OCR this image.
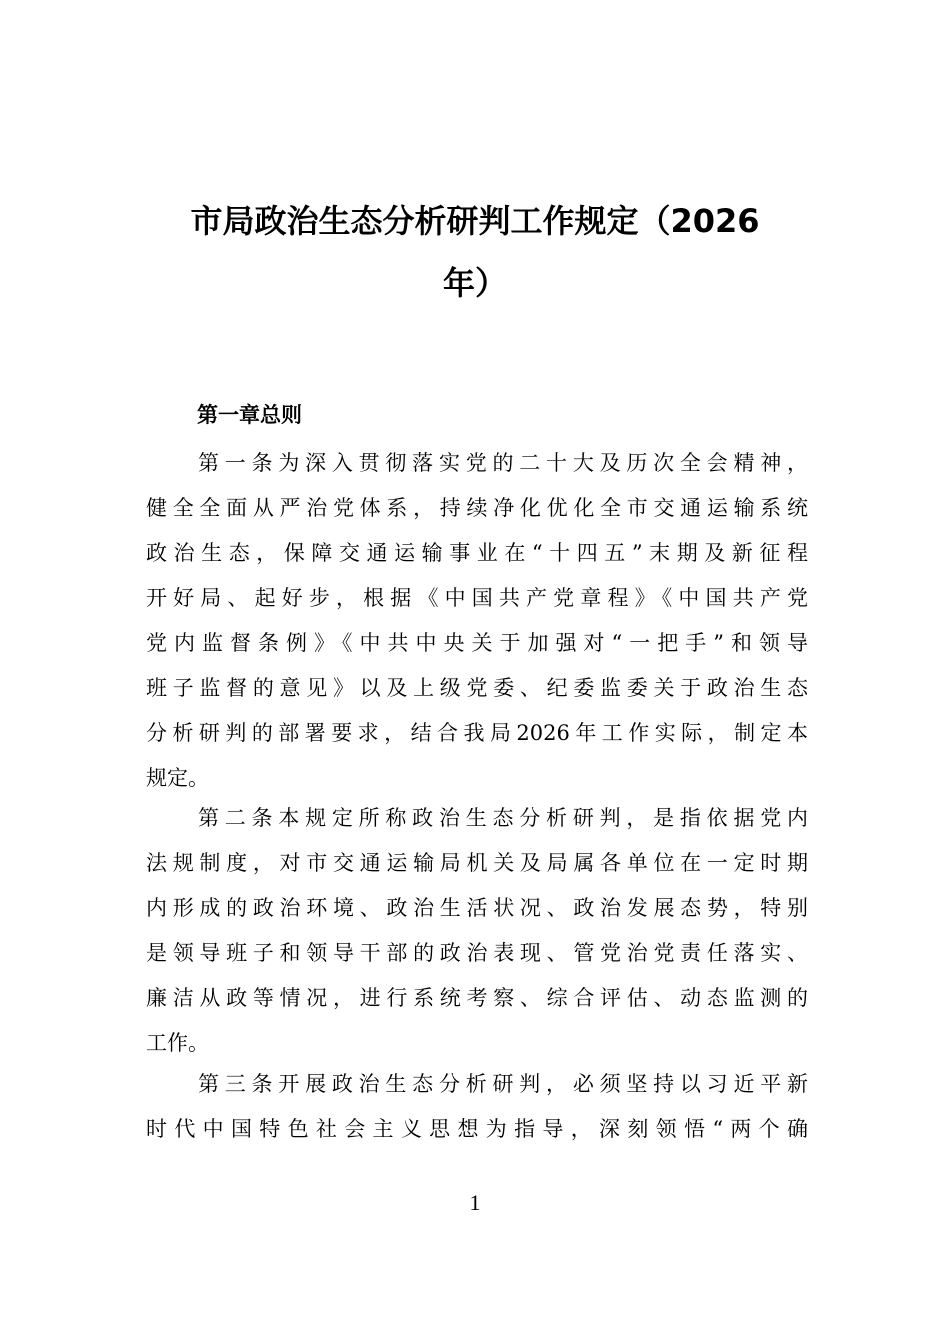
市局政治生态分析研判工作规定（2026
年）
第一章总则
第一条为深入贯彻落实党的二十大及历次全会精神，
健全全面从严治党体系，持续净化优化全市交通运输系统
政治生态，保障交通运输事业在“十四五”末期及新征程
开好局、起好步，根据《中国共产党章程》《中国共产党
党内监督条例》《中共中央关于加强对“一把手”和领导
班子监督的意见》以及上级党委、纪委监委关于政治生态
分析研判的部署要求，结合我局2026年工作实际，制定本
规定。
第二条本规定所称政治生态分析研判，是指依据党内
法规制度，对市交通运输局机关及局属各单位在一定时期
内形成的政治环境、政治生活状况、政治发展态势，特别
是领导班子和领导干部的政治表现、管党治党责任落实、
廉洁从政等情况，进行系统考察、综合评估、动态监测的
工作。
第三条开展政治生态分析研判，必须坚持以习近平新
时代中国特色社会主义思想为指导，深刻领悟“两个确
1
